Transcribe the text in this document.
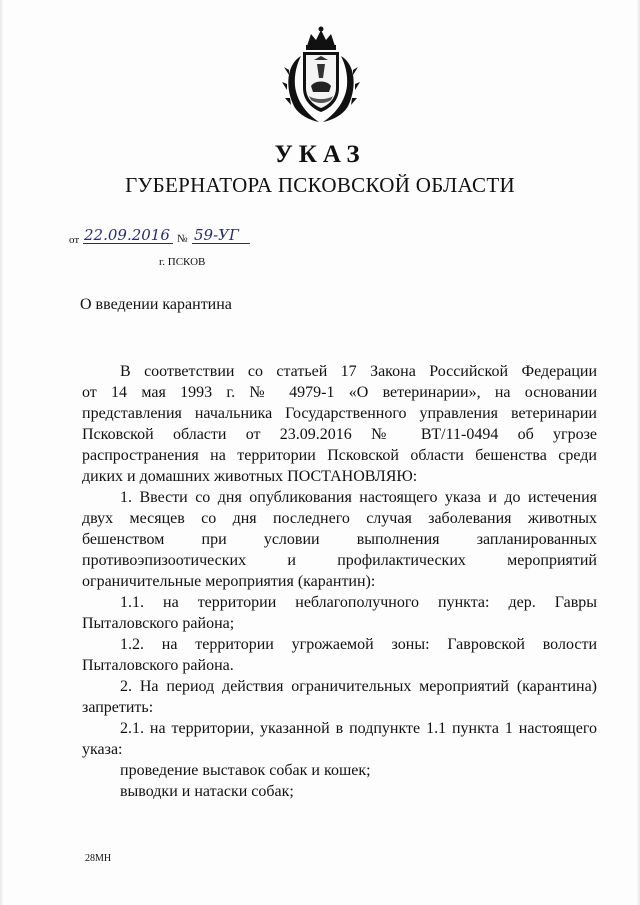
УКАЗ
ГУБЕРНАТОРА ПСКОВСКОЙ ОБЛАСТИ
от 22.09.2016 № 59-УГ
г. ПСКОВ
О введении карантина

В соответствии со статьей 17 Закона Российской Федерации

от 14 мая 1993 г. № 4979-1 «О ветеринарии», на основании

представления начальника Государственного управления ветеринарии

Псковской области от 23.09.2016 № ВТ/11-0494 об угрозе

распространения на территории Псковской области бешенства среди

диких и домашних животных ПОСТАНОВЛЯЮ:

1. Ввести со дня опубликования настоящего указа и до истечения

двух месяцев со дня последнего случая заболевания животных

бешенством при условии выполнения запланированных

противоэпизоотических и профилактических мероприятий

ограничительные мероприятия (карантин):

1.1. на территории неблагополучного пункта: дер. Гавры

Пыталовского района;

1.2. на территории угрожаемой зоны: Гавровской волости

Пыталовского района.

2. На период действия ограничительных мероприятий (карантина)

запретить:

2.1. на территории, указанной в подпункте 1.1 пункта 1 настоящего

указа:

проведение выставок собак и кошек;

выводки и натаски собак;

28МН
